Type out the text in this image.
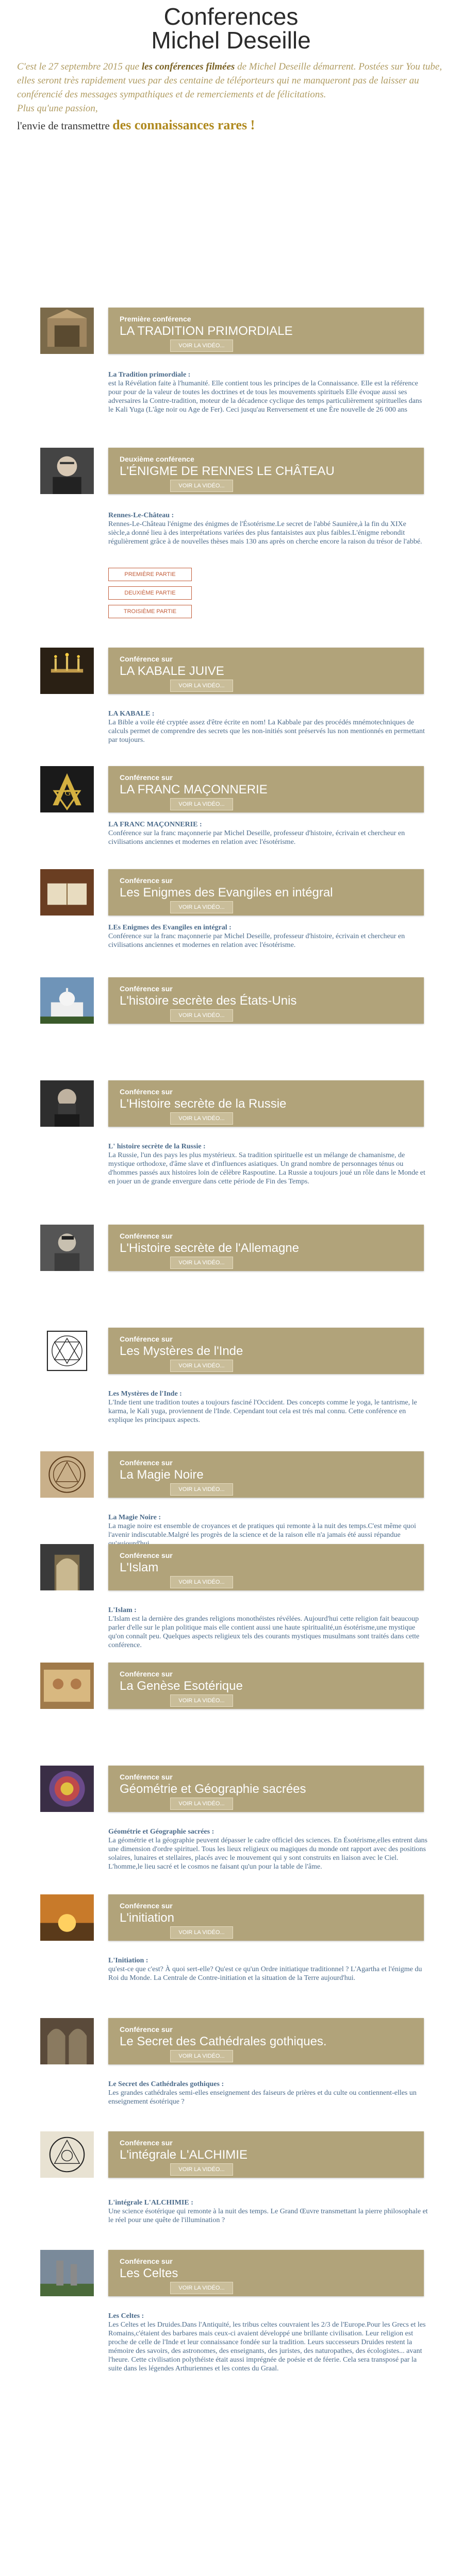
Conferences
Michel Deseille
C'est le 27 septembre 2015 que les conférences filmées de Michel Deseille démarrent. Postées sur You tube, elles seront très rapidement vues par des centaine de téléporteurs qui ne manqueront pas de laisser au conférencié des messages sympathiques et de remerciements et de félicitations.
Plus qu'une passion,
l'envie de transmettre des connaissances rares !
Première conférence
LA TRADITION PRIMORDIALE
VOIR LA VIDÉO...
La Tradition primordiale :
est la Révélation faite à l'humanité. Elle contient tous les principes de la Connaissance. Elle est la référence pour pour de la valeur de toutes les doctrines et de tous les mouvements spirituels Elle évoque aussi ses adversaires la Contre-tradition, moteur de la décadence cyclique des temps particulièrement spirituelles dans le Kali Yuga (L'âge noir ou Age de Fer). Ceci jusqu'au Renversement et une Ère nouvelle de 26 000 ans
Deuxième conférence
L'ÉNIGME DE RENNES LE CHÂTEAU
VOIR LA VIDÉO...
Rennes-Le-Château :
Rennes-Le-Château l'énigme des énigmes de l'Ésotérisme.Le secret de l'abbé Saunière,à la fin du XIXe siècle,a donné lieu à des interprétations variées des plus fantaisistes aux plus faibles.L'énigme rebondit régulièrement grâce à de nouvelles thèses mais 130 ans après on cherche encore la raison du trésor de l'abbé.
PREMIÈRE PARTIE
DEUXIÈME PARTIE
TROISIÈME PARTIE
Conférence sur
LA KABALE JUIVE
VOIR LA VIDÉO...
LA KABALE :
La Bible a voile été cryptée assez d'être écrite en nom! La Kabbale par des procédés mnémotechniques de calculs permet de comprendre des secrets que les non-initiés sont préservés lus non mentionnés en permettant par toujours.
G
Conférence sur
LA FRANC MAÇONNERIE
VOIR LA VIDÉO...
LA FRANC MAÇONNERIE :
Conférence sur la franc maçonnerie par Michel Deseille, professeur d'histoire, écrivain et chercheur en civilisations anciennes et modernes en relation avec l'ésotérisme.
Conférence sur
Les Enigmes des Evangiles en intégral
VOIR LA VIDÉO...
LEs Enigmes des Evangiles en intégral :
Conférence sur la franc maçonnerie par Michel Deseille, professeur d'histoire, écrivain et chercheur en civilisations anciennes et modernes en relation avec l'ésotérisme.
Conférence sur
L'histoire secrète des États-Unis
VOIR LA VIDÉO...
Conférence sur
L'Histoire secrète de la Russie
VOIR LA VIDÉO...
L' histoire secrète de la Russie :
La Russie, l'un des pays les plus mystérieux. Sa tradition spirituelle est un mélange de chamanisme, de mystique orthodoxe, d'âme slave et d'influences asiatiques. Un grand nombre de personnages ténus ou d'hommes passés aux histoires loin de célèbre Raspoutine. La Russie a toujours joué un rôle dans le Monde et en jouer un de grande envergure dans cette période de Fin des Temps.
Conférence sur
L'Histoire secrète de l'Allemagne
VOIR LA VIDÉO...
Conférence sur
Les Mystères de l'Inde
VOIR LA VIDÉO...
Les Mystères de l'Inde :
L'Inde tient une tradition toutes a toujours fasciné l'Occident. Des concepts comme le yoga, le tantrisme, le karma, le Kali yuga, proviennent de l'Inde. Cependant tout cela est trés mal connu. Cette conférence en explique les principaux aspects.
Conférence sur
La Magie Noire
VOIR LA VIDÉO...
La Magie Noire :
La magie noire est ensemble de croyances et de pratiques qui remonte à la nuit des temps.C'est même quoi l'avenir indiscutable.Malgré les progrès de la science et de la raison elle n'a jamais été aussi répandue
Conférence sur
L'Islam
VOIR LA VIDÉO...
L'Islam :
L'Islam est la dernière des grandes religions monothéistes révélées. Aujourd'hui cette religion fait beaucoup parler d'elle sur le plan politique mais elle contient aussi une haute spiritualité,un ésotérisme,une mystique qu'on connaît peu. Quelques aspects religieux tels des courants mystiques musulmans sont traités dans cette conférence.
Conférence sur
La Genèse Esotérique
VOIR LA VIDÉO...
Conférence sur
Géométrie et Géographie sacrées
VOIR LA VIDÉO...
Géométrie et Géographie sacrées :
La géométrie et la géographie peuvent dépasser le cadre officiel des sciences. En Ésotérisme,elles entrent dans une dimension d'ordre spirituel. Tous les lieux religieux ou magiques du monde ont rapport avec des positions solaires, lunaires et stellaires, placés avec le mouvement qui y sont construits en liaison avec le Ciel. L'homme,le lieu sacré et le cosmos ne faisant qu'un pour la table de l'âme.
Conférence sur
L'initiation
VOIR LA VIDÉO...
L'Initiation :
qu'est-ce que c'est? À quoi sert-elle? Qu'est ce qu'un Ordre initiatique traditionnel ? L'Agartha et l'énigme du Roi du Monde. La Centrale de Contre-initiation et la situation de la Terre aujourd'hui.
Conférence sur
Le Secret des Cathédrales gothiques.
VOIR LA VIDÉO...
Le Secret des Cathédrales gothiques :
Les grandes cathédrales semi-elles enseignement des faiseurs de prières et du culte ou contiennent-elles un enseignement ésotérique ?
Conférence sur
L'intégrale L'ALCHIMIE
VOIR LA VIDÉO...
L'intégrale L'ALCHIMIE :
Une science ésotérique qui remonte à la nuit des temps. Le Grand Œuvre transmettant la pierre philosophale et le réel pour une quête de l'illumination ?
Conférence sur
Les Celtes
VOIR LA VIDÉO...
Les Celtes :
Les Celtes et les Druides.Dans l'Antiquité, les tribus celtes couvraient les 2/3 de l'Europe.Pour les Grecs et les Romains,c'étaient des barbares mais ceux-ci avaient développé une brillante civilisation. Leur religion est proche de celle de l'Inde et leur connaissance fondée sur la tradition. Leurs successeurs Druides restent la mémoire des savoirs, des astronomes, des enseignants, des juristes, des naturopathes, des écologistes... avant l'heure. Cette civilisation polythéiste était aussi imprégnée de poésie et de féerie. Cela sera transposé par la suite dans les légendes Arthuriennes et les contes du Graal.
